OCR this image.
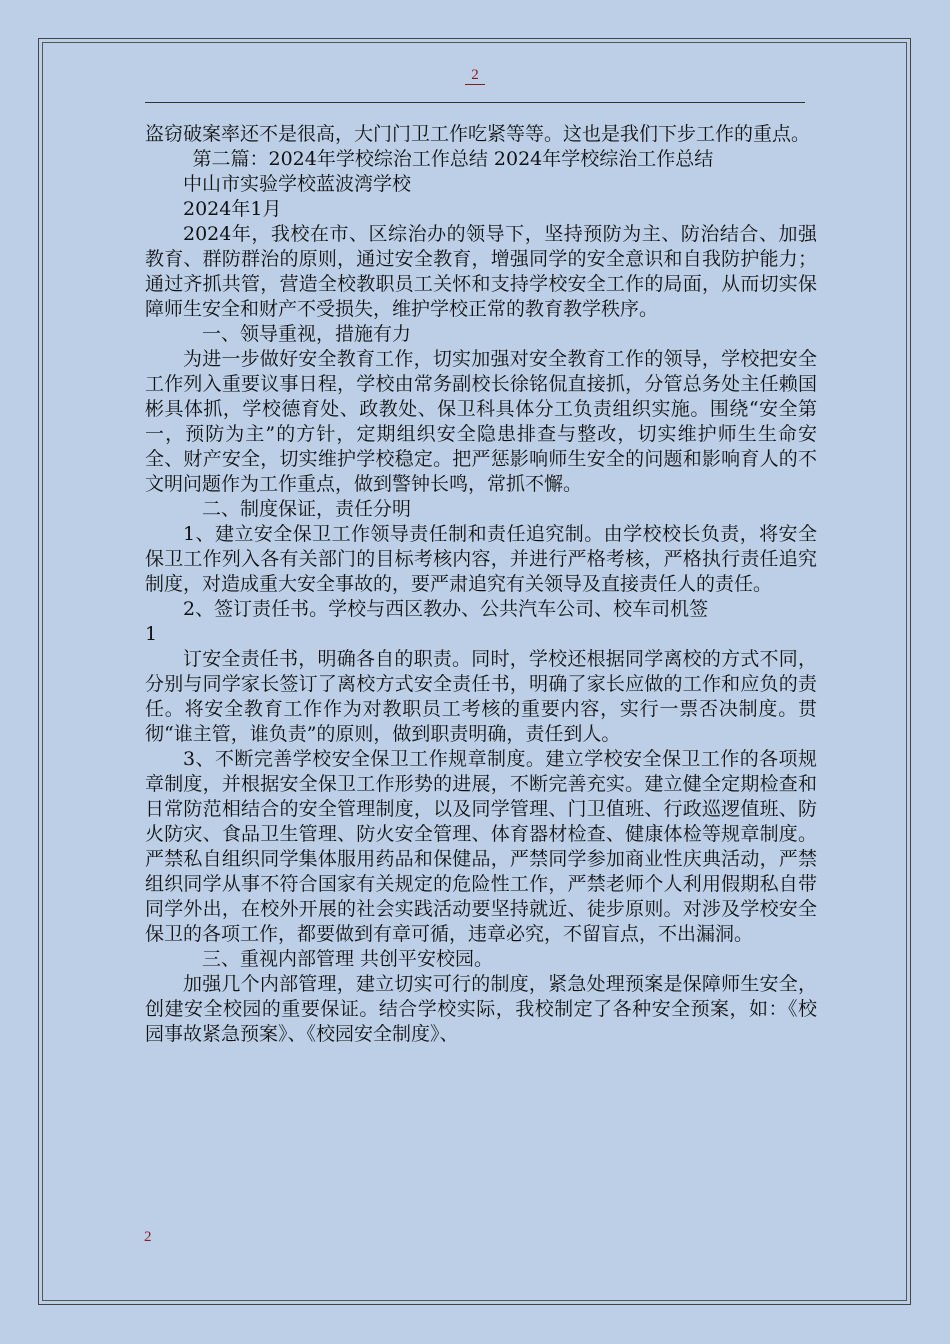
2

盗窃破案率还不是很高，大门门卫工作吃紧等等。这也是我们下步工作的重点。

第二篇：2024年学校综治工作总结 2024年学校综治工作总结

中山市实验学校蓝波湾学校

2024年1月

2024年，我校在市、区综治办的领导下，坚持预防为主、防治结合、加强教育、群防群治的原则，通过安全教育，增强同学的安全意识和自我防护能力；通过齐抓共管，营造全校教职员工关怀和支持学校安全工作的局面，从而切实保障师生安全和财产不受损失，维护学校正常的教育教学秩序。

一、领导重视，措施有力

为进一步做好安全教育工作，切实加强对安全教育工作的领导，学校把安全工作列入重要议事日程，学校由常务副校长徐铭侃直接抓，分管总务处主任赖国彬具体抓，学校德育处、政教处、保卫科具体分工负责组织实施。围绕“安全第一，预防为主”的方针，定期组织安全隐患排查与整改，切实维护师生生命安全、财产安全，切实维护学校稳定。把严惩影响师生安全的问题和影响育人的不文明问题作为工作重点，做到警钟长鸣，常抓不懈。

二、制度保证，责任分明

1、建立安全保卫工作领导责任制和责任追究制。由学校校长负责，将安全保卫工作列入各有关部门的目标考核内容，并进行严格考核，严格执行责任追究制度，对造成重大安全事故的，要严肃追究有关领导及直接责任人的责任。

2、签订责任书。学校与西区教办、公共汽车公司、校车司机签

1

订安全责任书，明确各自的职责。同时，学校还根据同学离校的方式不同，分别与同学家长签订了离校方式安全责任书，明确了家长应做的工作和应负的责任。将安全教育工作作为对教职员工考核的重要内容，实行一票否决制度。贯彻“谁主管，谁负责”的原则，做到职责明确，责任到人。

3、不断完善学校安全保卫工作规章制度。建立学校安全保卫工作的各项规章制度，并根据安全保卫工作形势的进展，不断完善充实。建立健全定期检查和日常防范相结合的安全管理制度，以及同学管理、门卫值班、行政巡逻值班、防火防灾、食品卫生管理、防火安全管理、体育器材检查、健康体检等规章制度。严禁私自组织同学集体服用药品和保健品，严禁同学参加商业性庆典活动，严禁组织同学从事不符合国家有关规定的危险性工作，严禁老师个人利用假期私自带同学外出，在校外开展的社会实践活动要坚持就近、徒步原则。对涉及学校安全保卫的各项工作，都要做到有章可循，违章必究，不留盲点，不出漏洞。

三、重视内部管理 共创平安校园。

加强几个内部管理，建立切实可行的制度，紧急处理预案是保障师生安全，创建安全校园的重要保证。结合学校实际，我校制定了各种安全预案，如：《校园事故紧急预案》、《校园安全制度》、

2
